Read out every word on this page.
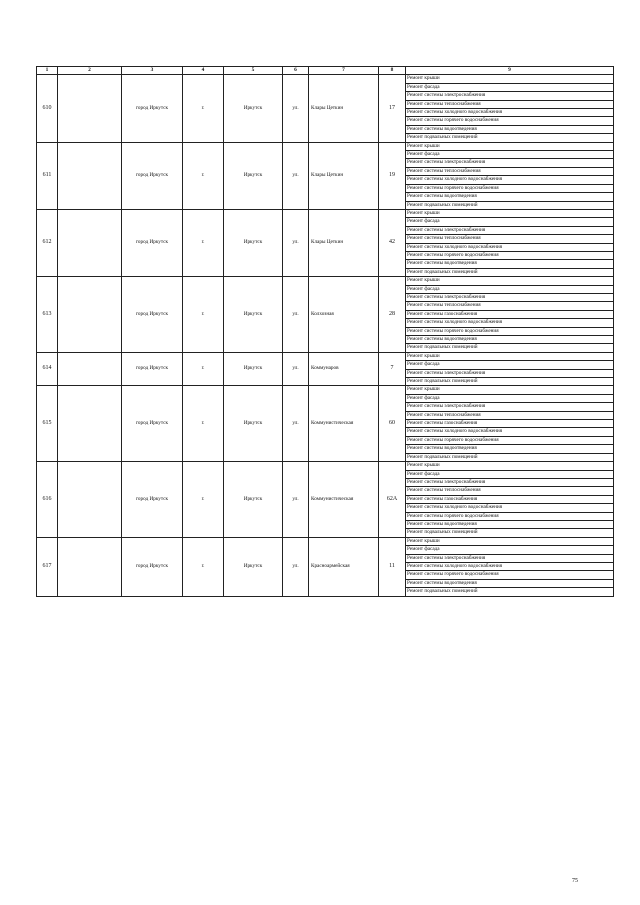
1	2	3	4	5	6	7	8	9
610		город Иркутск	г.	Иркутск	ул.	Клары Цеткин	17	Ремонт крыши
								Ремонт фасада
								Ремонт системы электроснабжения
								Ремонт системы теплоснабжения
								Ремонт системы холодного водоснабжения
								Ремонт системы горячего водоснабжения
								Ремонт системы водоотведения
								Ремонт подвальных помещений
611		город Иркутск	г.	Иркутск	ул.	Клары Цеткин	19	Ремонт крыши
								Ремонт фасада
								Ремонт системы электроснабжения
								Ремонт системы теплоснабжения
								Ремонт системы холодного водоснабжения
								Ремонт системы горячего водоснабжения
								Ремонт системы водоотведения
								Ремонт подвальных помещений
612		город Иркутск	г.	Иркутск	ул.	Клары Цеткин	42	Ремонт крыши
								Ремонт фасада
								Ремонт системы электроснабжения
								Ремонт системы теплоснабжения
								Ремонт системы холодного водоснабжения
								Ремонт системы горячего водоснабжения
								Ремонт системы водоотведения
								Ремонт подвальных помещений
613		город Иркутск	г.	Иркутск	ул.	Колхозная	28	Ремонт крыши
								Ремонт фасада
								Ремонт системы электроснабжения
								Ремонт системы теплоснабжения
								Ремонт системы газоснабжения
								Ремонт системы холодного водоснабжения
								Ремонт системы горячего водоснабжения
								Ремонт системы водоотведения
								Ремонт подвальных помещений
614		город Иркутск	г.	Иркутск	ул.	Коммунаров	7	Ремонт крыши
								Ремонт фасада
								Ремонт системы электроснабжения
								Ремонт подвальных помещений
615		город Иркутск	г.	Иркутск	ул.	Коммунистическая	60	Ремонт крыши
								Ремонт фасада
								Ремонт системы электроснабжения
								Ремонт системы теплоснабжения
								Ремонт системы газоснабжения
								Ремонт системы холодного водоснабжения
								Ремонт системы горячего водоснабжения
								Ремонт системы водоотведения
								Ремонт подвальных помещений
616		город Иркутск	г.	Иркутск	ул.	Коммунистическая	62А	Ремонт крыши
								Ремонт фасада
								Ремонт системы электроснабжения
								Ремонт системы теплоснабжения
								Ремонт системы газоснабжения
								Ремонт системы холодного водоснабжения
								Ремонт системы горячего водоснабжения
								Ремонт системы водоотведения
								Ремонт подвальных помещений
617		город Иркутск	г.	Иркутск	ул.	Красноармейская	11	Ремонт крыши
								Ремонт фасада
								Ремонт системы электроснабжения
								Ремонт системы холодного водоснабжения
								Ремонт системы горячего водоснабжения
								Ремонт системы водоотведения
								Ремонт подвальных помещений
75
